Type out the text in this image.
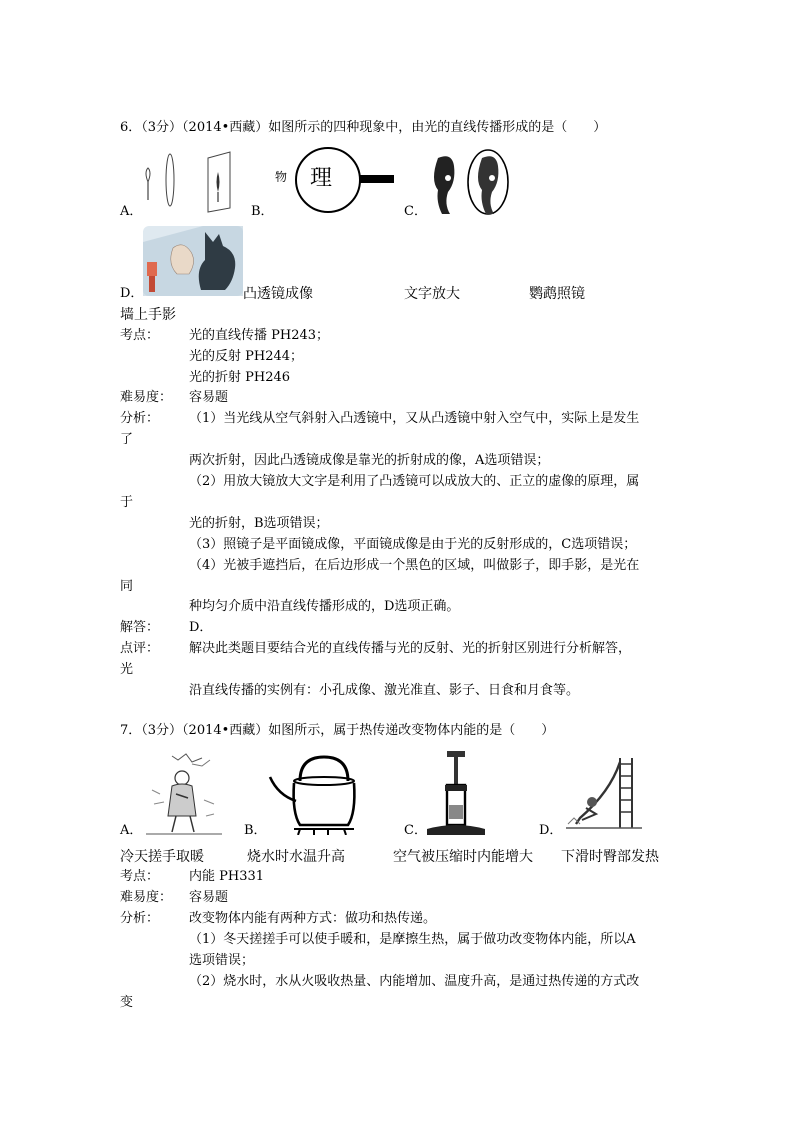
6．（3分）（2014•西藏）如图所示的四种现象中，由光的直线传播形成的是（　　）
A．	B．
物 理
C．
D．	凸透镜成像	文字放大	鹦鹉照镜
墙上手影
考点： 光的直线传播 PH243；
光的反射 PH244；
光的折射 PH246
难易度： 容易题
分析： （1）当光线从空气斜射入凸透镜中，又从凸透镜中射入空气中，实际上是发生
了
两次折射，因此凸透镜成像是靠光的折射成的像，A选项错误；
（2）用放大镜放大文字是利用了凸透镜可以成放大的、正立的虚像的原理，属
于
光的折射，B选项错误；
（3）照镜子是平面镜成像，平面镜成像是由于光的反射形成的，C选项错误；
（4）光被手遮挡后，在后边形成一个黑色的区域，叫做影子，即手影，是光在
同
种均匀介质中沿直线传播形成的，D选项正确。
解答： D．
点评： 解决此类题目要结合光的直线传播与光的反射、光的折射区别进行分析解答，
光
沿直线传播的实例有：小孔成像、激光准直、影子、日食和月食等。
7．（3分）（2014•西藏）如图所示，属于热传递改变物体内能的是（　　）
A．	B．	C．	D．
冷天搓手取暖	烧水时水温升高	空气被压缩时内能增大 下滑时臀部发热
考点： 内能 PH331
难易度： 容易题
分析： 改变物体内能有两种方式：做功和热传递。
（1）冬天搓搓手可以使手暖和，是摩擦生热，属于做功改变物体内能，所以A
选项错误；
（2）烧水时，水从火吸收热量、内能增加、温度升高，是通过热传递的方式改
变
